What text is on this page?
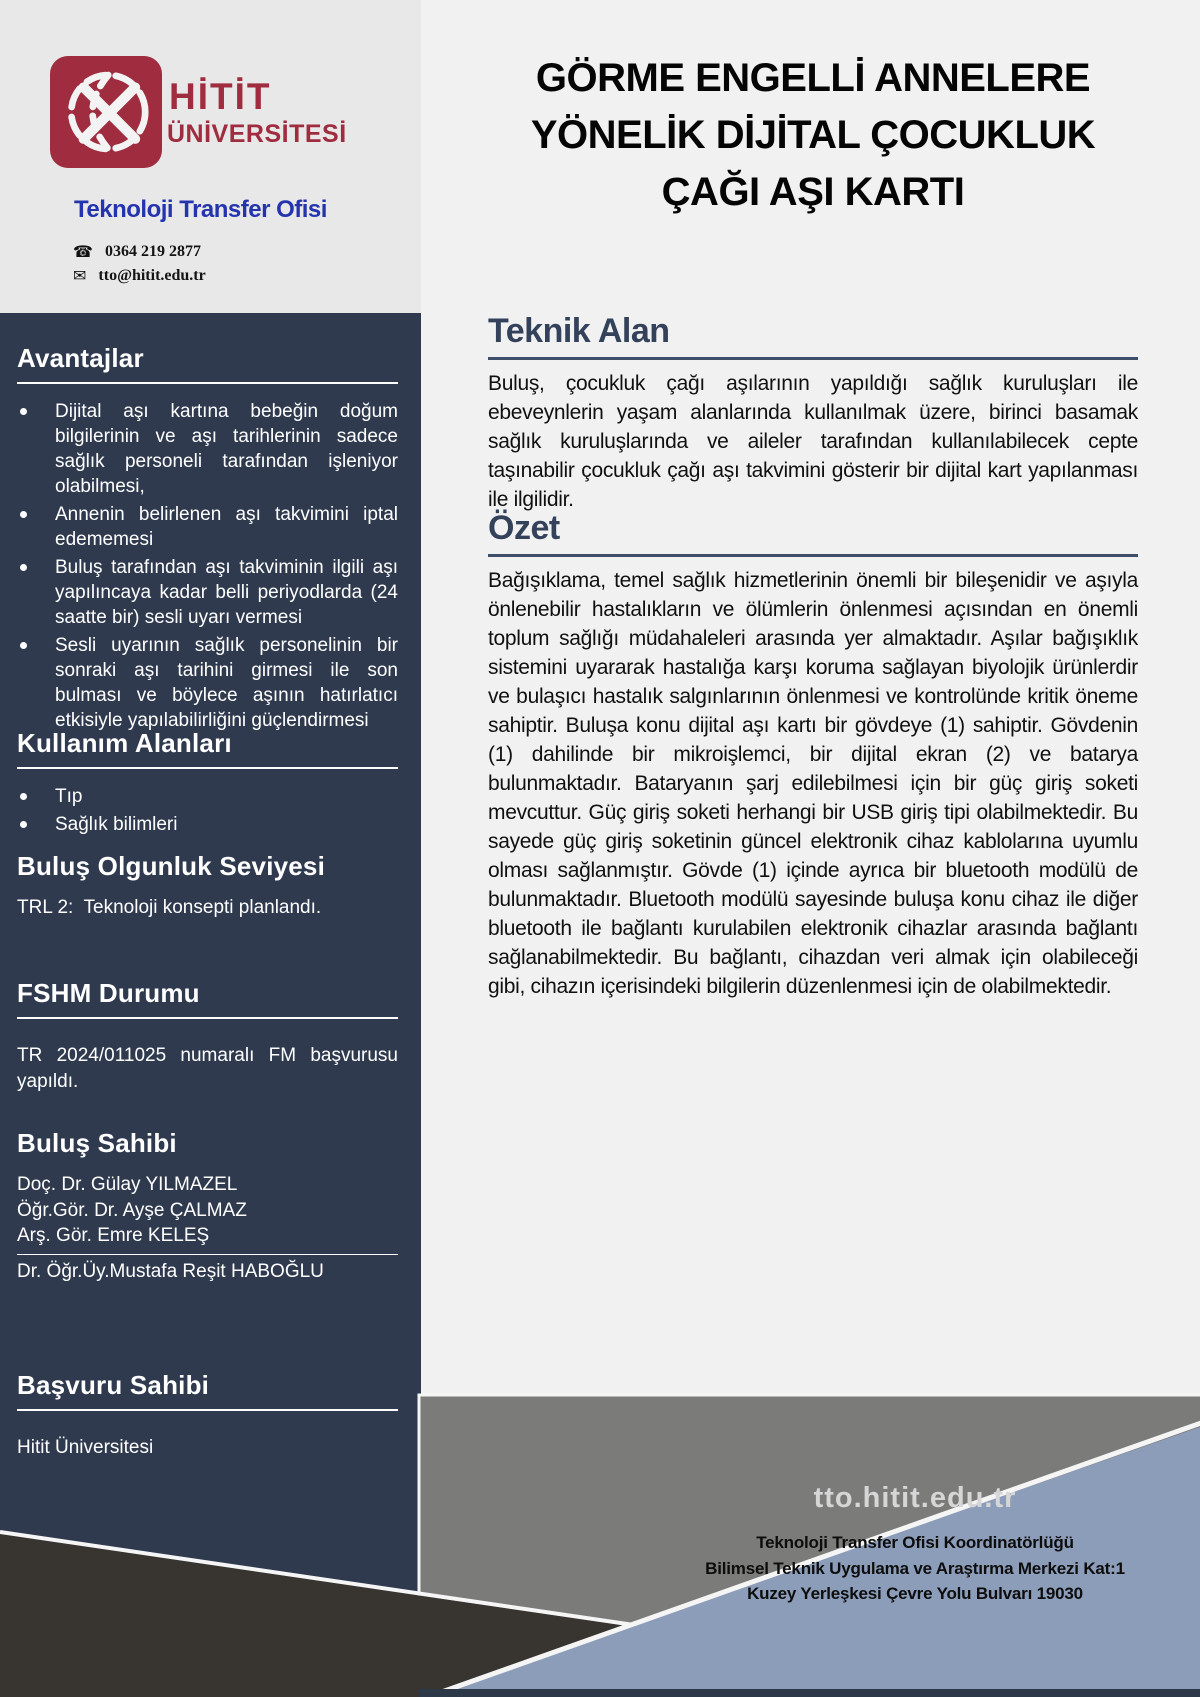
HİTİT
ÜNİVERSİTESİ
Teknoloji Transfer Ofisi
☎ 0364 219 2877
✉ tto@hitit.edu.tr
Avantajlar
Dijital aşı kartına bebeğin doğum bilgilerinin ve aşı tarihlerinin sadece sağlık personeli tarafından işleniyor olabilmesi,
Annenin belirlenen aşı takvimini iptal edememesi
Buluş tarafından aşı takviminin ilgili aşı yapılıncaya kadar belli periyodlarda (24 saatte bir) sesli uyarı vermesi
Sesli uyarının sağlık personelinin bir sonraki aşı tarihini girmesi ile son bulması ve böylece aşının hatırlatıcı etkisiyle yapılabilirliğini güçlendirmesi
Kullanım Alanları
Tıp
Sağlık bilimleri
Buluş Olgunluk Seviyesi
TRL 2:  Teknoloji konsepti planlandı.
FSHM Durumu
TR 2024/011025 numaralı FM başvurusu yapıldı.
Buluş Sahibi
Doç. Dr. Gülay YILMAZEL
Öğr.Gör. Dr. Ayşe ÇALMAZ
Arş. Gör. Emre KELEŞ
Dr. Öğr.Üy.Mustafa Reşit HABOĞLU
Başvuru Sahibi
Hitit Üniversitesi
GÖRME ENGELLİ ANNELERE
YÖNELİK DİJİTAL ÇOCUKLUK
ÇAĞI AŞI KARTI
Teknik Alan

Buluş, çocukluk çağı aşılarının yapıldığı sağlık kuruluşları ile ebeveynlerin yaşam alanlarında kullanılmak üzere, birinci basamak sağlık kuruluşlarında ve aileler tarafından kullanılabilecek cepte taşınabilir çocukluk çağı aşı takvimini gösterir bir dijital kart yapılanması ile ilgilidir.

Özet

Bağışıklama, temel sağlık hizmetlerinin önemli bir bileşenidir ve aşıyla önlenebilir hastalıkların ve ölümlerin önlenmesi açısından en önemli toplum sağlığı müdahaleleri arasında yer almaktadır. Aşılar bağışıklık sistemini uyararak hastalığa karşı koruma sağlayan biyolojik ürünlerdir ve bulaşıcı hastalık salgınlarının önlenmesi ve kontrolünde kritik öneme sahiptir. Buluşa konu dijital aşı kartı bir gövdeye (1) sahiptir. Gövdenin (1) dahilinde bir mikroişlemci, bir dijital ekran (2) ve batarya bulunmaktadır. Bataryanın şarj edilebilmesi için bir güç giriş soketi mevcuttur. Güç giriş soketi herhangi bir USB giriş tipi olabilmektedir. Bu sayede güç giriş soketinin güncel elektronik cihaz kablolarına uyumlu olması sağlanmıştır. Gövde (1) içinde ayrıca bir bluetooth modülü de bulunmaktadır. Bluetooth modülü sayesinde buluşa konu cihaz ile diğer bluetooth ile bağlantı kurulabilen elektronik cihazlar arasında bağlantı sağlanabilmektedir. Bu bağlantı, cihazdan veri almak için olabileceği gibi, cihazın içerisindeki bilgilerin düzenlenmesi için de olabilmektedir.

tto.hitit.edu.tr
Teknoloji Transfer Ofisi Koordinatörlüğü
Bilimsel Teknik Uygulama ve Araştırma Merkezi Kat:1
Kuzey Yerleşkesi Çevre Yolu Bulvarı 19030
